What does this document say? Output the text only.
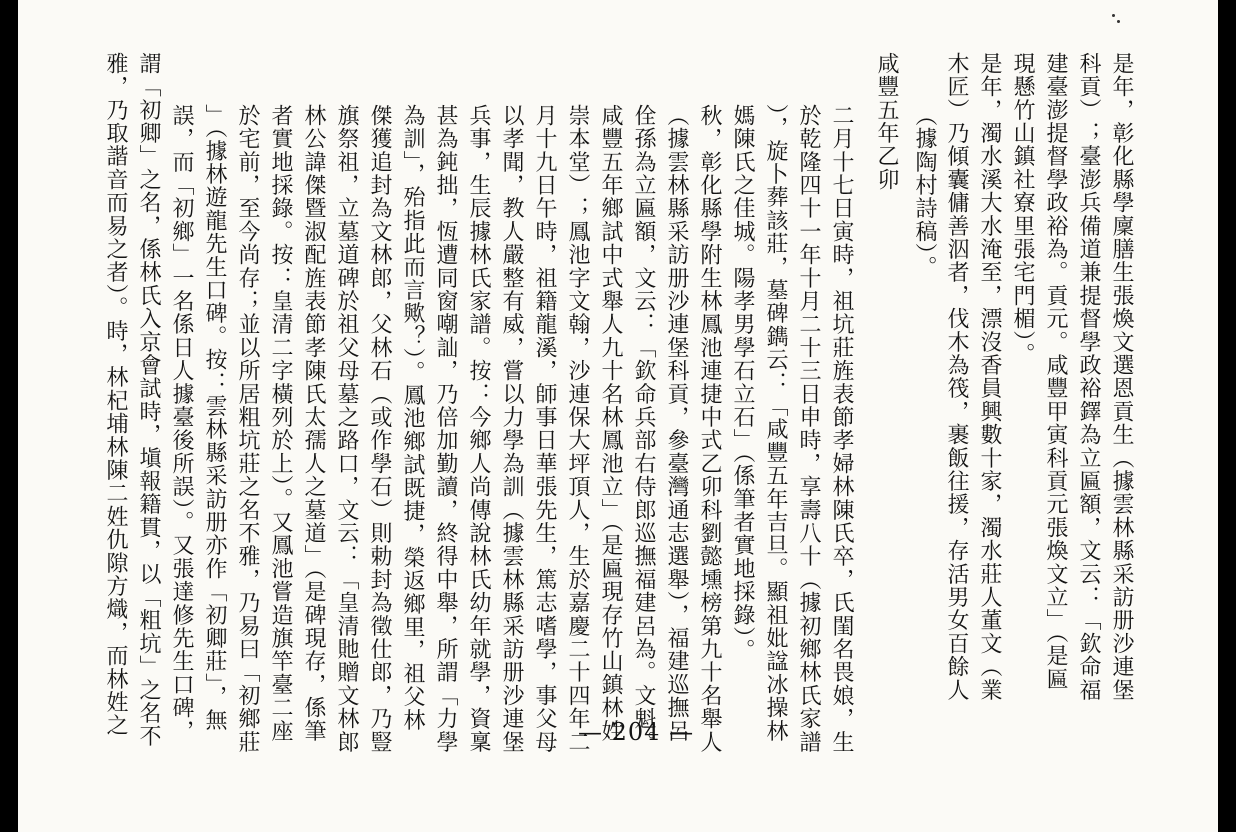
是年，彰化縣學廩膳生張煥文選恩貢生（據雲林縣采訪册沙連堡
科貢）；臺澎兵備道兼提督學政裕鐸為立匾額，文云：「欽命福
建臺澎提督學政裕為。貢元。咸豐甲寅科貢元張煥文立」（是匾
現懸竹山鎮社寮里張宅門楣）。
是年，濁水溪大水淹至，漂沒香員興數十家，濁水莊人董文（業
木匠）乃傾囊傭善泅者，伐木為筏，裹飯往援，存活男女百餘人
（據陶村詩稿）。
咸豐五年乙卯
二月十七日寅時，祖坑莊旌表節孝婦林陳氏卒，氏閨名畏娘，生
於乾隆四十一年十月二十三日申時，享壽八十（據初鄉林氏家譜
），旋卜葬該莊，墓碑鐫云：「咸豐五年吉旦。顯祖妣諡冰操林
媽陳氏之佳城。陽孝男學石立石」（係筆者實地採錄）。
秋，彰化縣學附生林鳳池連捷中式乙卯科劉懿壎榜第九十名舉人
（據雲林縣采訪册沙連堡科貢，參臺灣通志選舉），福建巡撫呂
佺孫為立匾額，文云：「欽命兵部右侍郎巡撫福建呂為。文魁。
咸豐五年鄉試中式舉人九十名林鳳池立」（是匾現存竹山鎮林姓
崇本堂）；鳳池字文翰，沙連保大坪頂人，生於嘉慶二十四年二
月十九日午時，祖籍龍溪，師事日華張先生，篤志嗜學，事父母
以孝聞，教人嚴整有威，嘗以力學為訓（據雲林縣采訪册沙連堡
兵事，生辰據林氏家譜。按：今鄉人尚傳說林氏幼年就學，資稟
甚為鈍拙，恆遭同窗嘲訕，乃倍加勤讀，終得中舉，所謂「力學
為訓」，殆指此而言歟？）。鳳池鄉試既捷，榮返鄉里，祖父林
傑獲追封為文林郎，父林石（或作學石）則勅封為徵仕郎，乃豎
旗祭祖，立墓道碑於祖父母墓之路口，文云：「皇清貤贈文林郎
林公諱傑暨淑配旌表節孝陳氏太孺人之墓道」（是碑現存，係筆
者實地採錄。按：皇清二字橫列於上）。又鳳池嘗造旗竿臺二座
於宅前，至今尚存；並以所居粗坑莊之名不雅，乃易曰「初鄉莊
」（據林遊龍先生口碑。按：雲林縣采訪册亦作「初卿莊」，無
誤，而「初鄉」一名係日人據臺後所誤）。又張達修先生口碑，
謂「初卿」之名，係林氏入京會試時，塡報籍貫，以「粗坑」之名不
雅，乃取諧音而易之者）。時，林杞埔林陳二姓仇隙方熾，而林姓之	— 204 —
